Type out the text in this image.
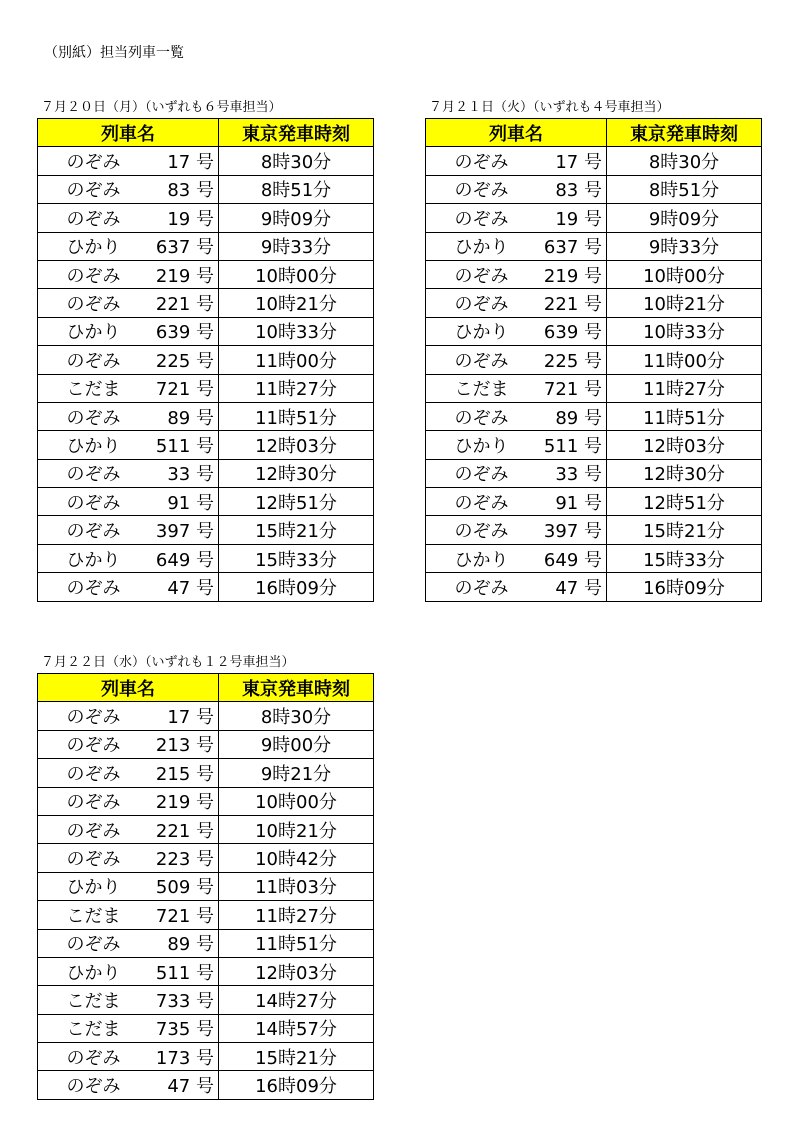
（別紙）担当列車一覧
７月２０日（月）（いずれも６号車担当）
列車名		東京発車時刻
のぞみ	17 号	8時30分
のぞみ	83 号	8時51分
のぞみ	19 号	9時09分
ひかり	637 号	9時33分
のぞみ	219 号	10時00分
のぞみ	221 号	10時21分
ひかり	639 号	10時33分
のぞみ	225 号	11時00分
こだま	721 号	11時27分
のぞみ	89 号	11時51分
ひかり	511 号	12時03分
のぞみ	33 号	12時30分
のぞみ	91 号	12時51分
のぞみ	397 号	15時21分
ひかり	649 号	15時33分
のぞみ	47 号	16時09分
７月２１日（火）（いずれも４号車担当）
列車名		東京発車時刻
のぞみ	17 号	8時30分
のぞみ	83 号	8時51分
のぞみ	19 号	9時09分
ひかり	637 号	9時33分
のぞみ	219 号	10時00分
のぞみ	221 号	10時21分
ひかり	639 号	10時33分
のぞみ	225 号	11時00分
こだま	721 号	11時27分
のぞみ	89 号	11時51分
ひかり	511 号	12時03分
のぞみ	33 号	12時30分
のぞみ	91 号	12時51分
のぞみ	397 号	15時21分
ひかり	649 号	15時33分
のぞみ	47 号	16時09分
７月２２日（水）（いずれも１２号車担当）
列車名		東京発車時刻
のぞみ	17 号	8時30分
のぞみ	213 号	9時00分
のぞみ	215 号	9時21分
のぞみ	219 号	10時00分
のぞみ	221 号	10時21分
のぞみ	223 号	10時42分
ひかり	509 号	11時03分
こだま	721 号	11時27分
のぞみ	89 号	11時51分
ひかり	511 号	12時03分
こだま	733 号	14時27分
こだま	735 号	14時57分
のぞみ	173 号	15時21分
のぞみ	47 号	16時09分
